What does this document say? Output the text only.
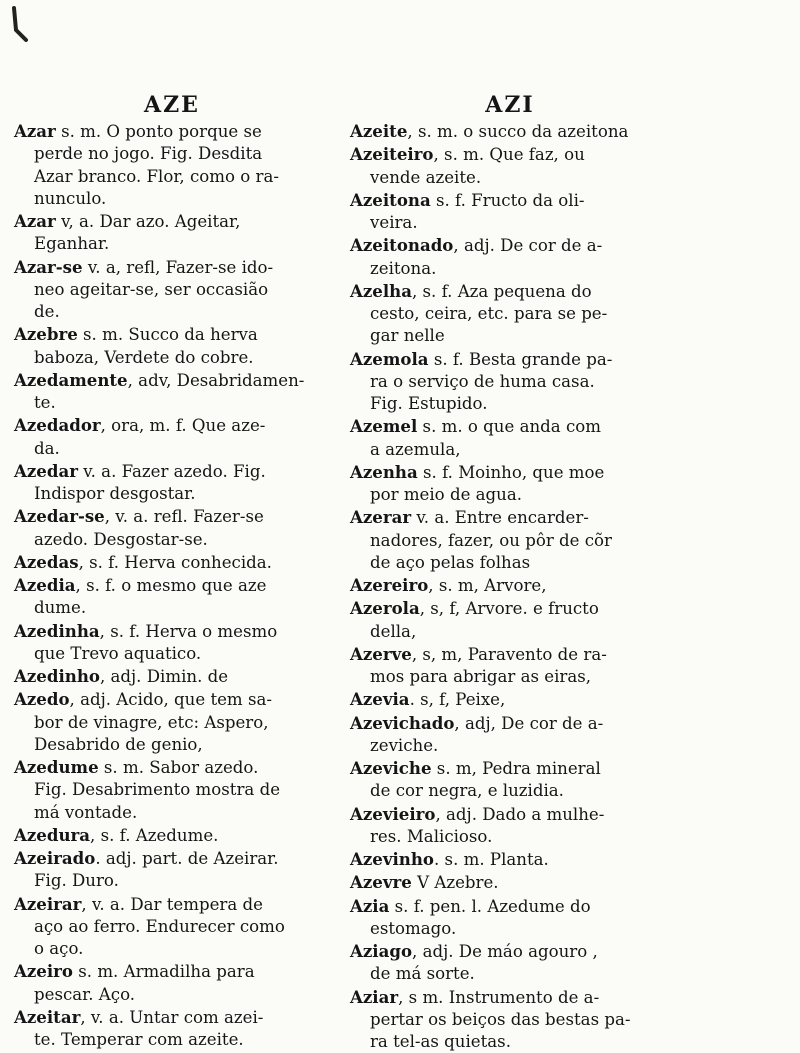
AZE

Azar s. m. O ponto porque se
perde no jogo. Fig. Desdita
Azar branco. Flor, como o ra-
nunculo.

Azar v, a. Dar azo. Ageitar,
Eganhar.

Azar-se v. a, refl, Fazer-se ido-
neo ageitar-se, ser occasião
de.

Azebre s. m. Succo da herva
baboza, Verdete do cobre.

Azedamente, adv, Desabridamen-
te.

Azedador, ora, m. f. Que aze-
da.

Azedar v. a. Fazer azedo. Fig.
Indispor desgostar.

Azedar-se, v. a. refl. Fazer-se
azedo. Desgostar-se.

Azedas, s. f. Herva conhecida.

Azedia, s. f. o mesmo que aze
dume.

Azedinha, s. f. Herva o mesmo
que Trevo aquatico.

Azedinho, adj. Dimin. de

Azedo, adj. Acido, que tem sa-
bor de vinagre, etc: Aspero,
Desabrido de genio,

Azedume s. m. Sabor azedo.
Fig. Desabrimento mostra de
má vontade.

Azedura, s. f. Azedume.

Azeirado. adj. part. de Azeirar.
Fig. Duro.

Azeirar, v. a. Dar tempera de
aço ao ferro. Endurecer como
o aço.

Azeiro s. m. Armadilha para
pescar. Aço.

Azeitar, v. a. Untar com azei-
te. Temperar com azeite.

AZI

Azeite, s. m. o succo da azeitona

Azeiteiro, s. m. Que faz, ou
vende azeite.

Azeitona s. f. Fructo da oli-
veira.

Azeitonado, adj. De cor de a-
zeitona.

Azelha, s. f. Aza pequena do
cesto, ceira, etc. para se pe-
gar nelle

Azemola s. f. Besta grande pa-
ra o serviço de huma casa.
Fig. Estupido.

Azemel s. m. o que anda com
a azemula,

Azenha s. f. Moinho, que moe
por meio de agua.

Azerar v. a. Entre encarder-
nadores, fazer, ou pôr de cõr
de aço pelas folhas

Azereiro, s. m, Arvore,

Azerola, s, f, Arvore. e fructo
della,

Azerve, s, m, Paravento de ra-
mos para abrigar as eiras,

Azevia. s, f, Peixe,

Azevichado, adj, De cor de a-
zeviche.

Azeviche s. m, Pedra mineral
de cor negra, e luzidia.

Azevieiro, adj. Dado a mulhe-
res. Malicioso.

Azevinho. s. m. Planta.

Azevre V Azebre.

Azia s. f. pen. l. Azedume do
estomago.

Aziago, adj. De máo agouro ,
de má sorte.

Aziar, s m. Instrumento de a-
pertar os beiços das bestas pa-
ra tel-as quietas.
